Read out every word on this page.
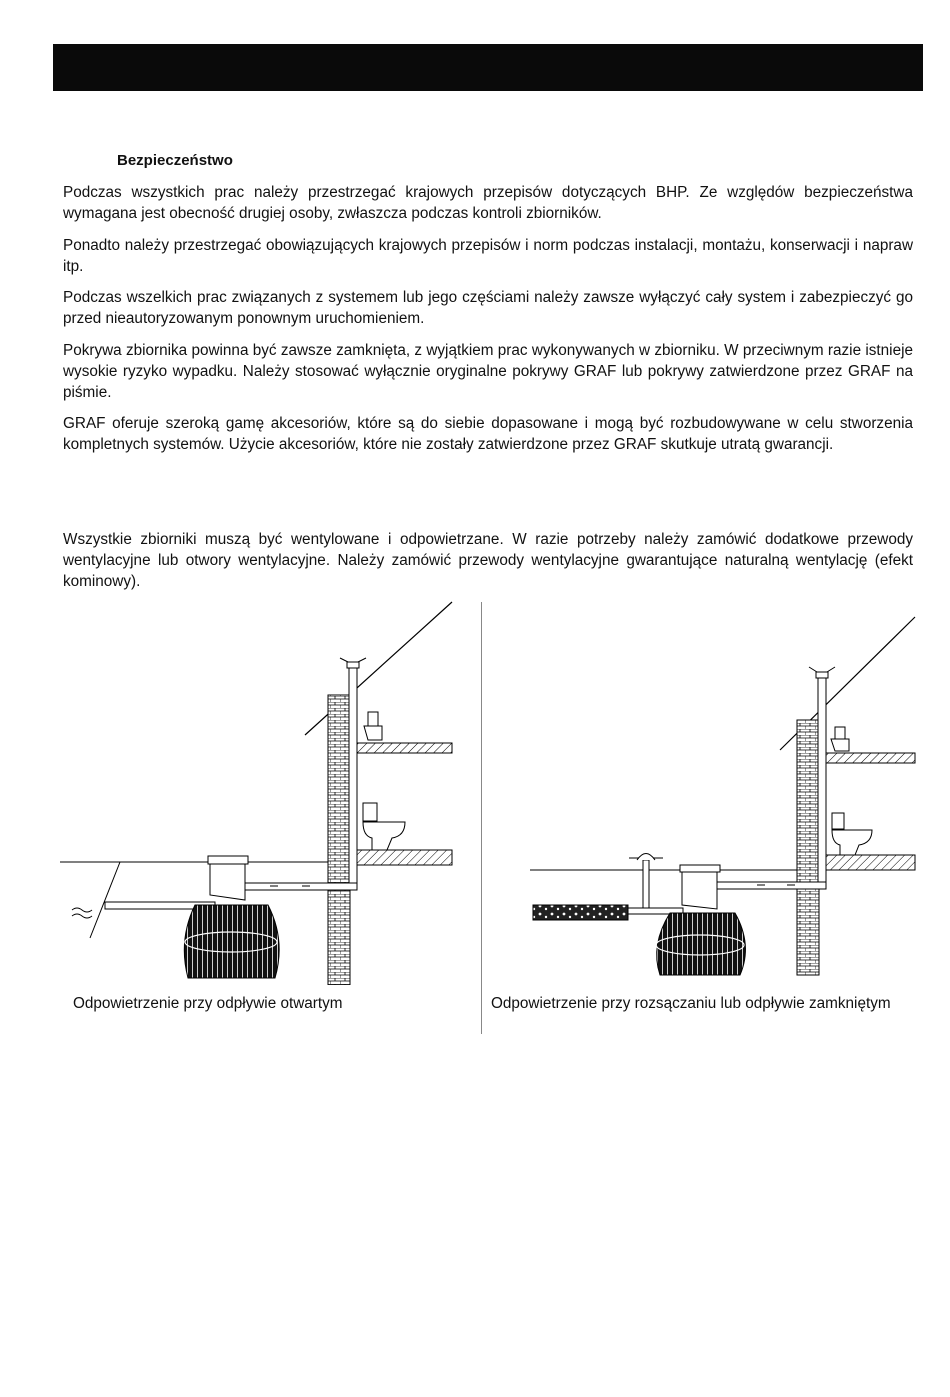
Bezpieczeństwo

Podczas wszystkich prac należy przestrzegać krajowych przepisów dotyczących BHP. Ze względów bezpieczeństwa wymagana jest obecność drugiej osoby, zwłaszcza podczas kontroli zbiorników.

Ponadto należy przestrzegać obowiązujących krajowych przepisów i norm podczas instalacji, montażu, konserwacji i napraw itp.

Podczas wszelkich prac związanych z systemem lub jego częściami należy zawsze wyłączyć cały system i zabezpieczyć go przed nieautoryzowanym ponownym uruchomieniem.

Pokrywa zbiornika powinna być zawsze zamknięta, z wyjątkiem prac wykonywanych w zbiorniku. W przeciwnym razie istnieje wysokie ryzyko wypadku. Należy stosować wyłącznie oryginalne pokrywy GRAF lub pokrywy zatwierdzone przez GRAF na piśmie.

GRAF oferuje szeroką gamę akcesoriów, które są do siebie dopasowane i mogą być rozbudowywane w celu stworzenia kompletnych systemów. Użycie akcesoriów, które nie zostały zatwierdzone przez GRAF skutkuje utratą gwarancji.

Wszystkie zbiorniki muszą być wentylowane i odpowietrzane. W razie potrzeby należy zamówić dodatkowe przewody wentylacyjne lub otwory wentylacyjne. Należy zamówić przewody wentylacyjne gwarantujące naturalną wentylację (efekt kominowy).

Odpowietrzenie przy odpływie otwartym	Odpowietrzenie przy rozsączaniu lub odpływie zamkniętym
